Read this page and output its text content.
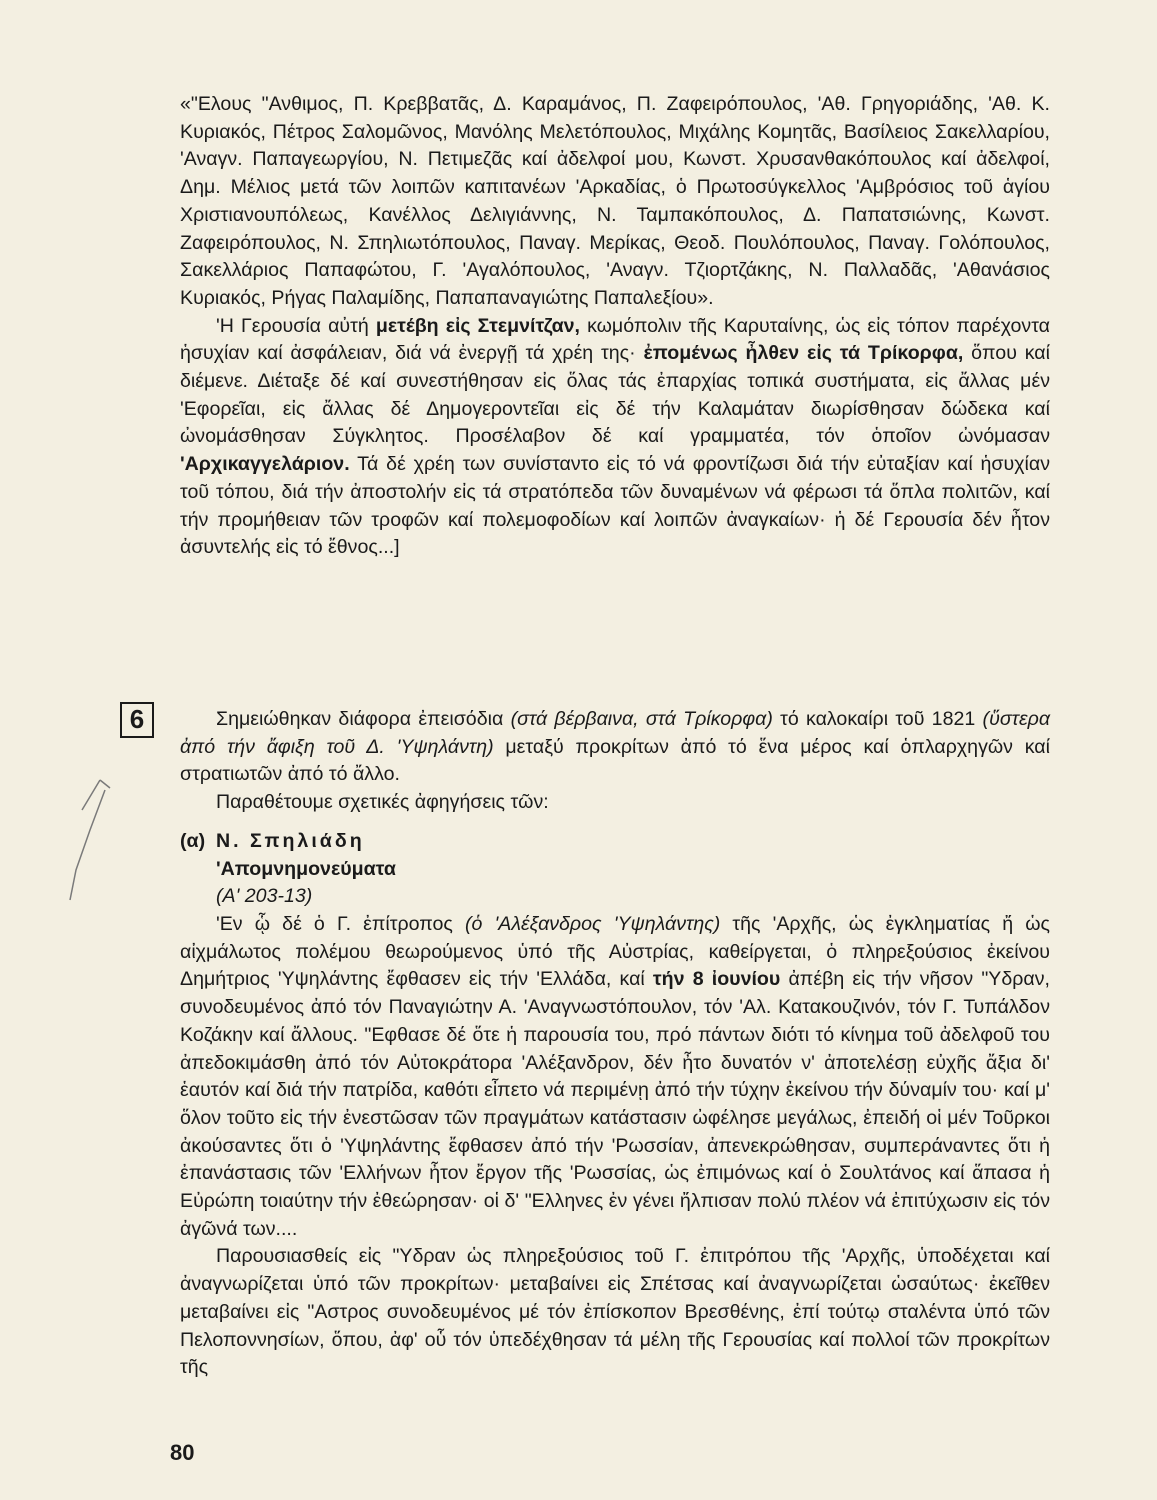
«"Ελους "Ανθιμος, Π. Κρεββατᾶς, Δ. Καραμάνος, Π. Ζαφειρόπουλος, 'Αθ. Γρηγοριάδης, 'Αθ. Κ. Κυριακός, Πέτρος Σαλομῶνος, Μανόλης Μελετόπουλος, Μιχάλης Κομητᾶς, Βασίλειος Σακελλαρίου, 'Αναγν. Παπαγεωργίου, Ν. Πετιμεζᾶς καί ἀδελφοί μου, Κωνστ. Χρυσανθακόπουλος καί ἀδελφοί, Δημ. Μέλιος μετά τῶν λοιπῶν καπιτανέων 'Αρκαδίας, ὁ Πρωτοσύγκελλος 'Αμβρόσιος τοῦ ἁγίου Χριστιανουπόλεως, Κανέλλος Δελιγιάννης, Ν. Ταμπακόπουλος, Δ. Παπατσιώνης, Κωνστ. Ζαφειρόπουλος, Ν. Σπηλιωτόπουλος, Παναγ. Μερίκας, Θεοδ. Πουλόπουλος, Παναγ. Γολόπουλος, Σακελλάριος Παπαφώτου, Γ. 'Αγαλόπουλος, 'Αναγν. Τζιορτζάκης, Ν. Παλλαδᾶς, 'Αθανάσιος Κυριακός, Ρήγας Παλαμίδης, Παπαπαναγιώτης Παπαλεξίου».

'Η Γερουσία αὐτή μετέβη εἰς Στεμνίτζαν, κωμόπολιν τῆς Καρυταίνης, ὡς εἰς τόπον παρέχοντα ἡσυχίαν καί ἀσφάλειαν, διά νά ἐνεργῇ τά χρέη της· ἐπομένως ἦλθεν εἰς τά Τρίκορφα, ὅπου καί διέμενε. Διέταξε δέ καί συνεστήθησαν εἰς ὅλας τάς ἐπαρχίας τοπικά συστήματα, εἰς ἄλλας μέν 'Εφορεῖαι, εἰς ἄλλας δέ Δημογεροντεῖαι εἰς δέ τήν Καλαμάταν διωρίσθησαν δώδεκα καί ὠνομάσθησαν Σύγκλητος. Προσέλαβον δέ καί γραμματέα, τόν ὁποῖον ὠνόμασαν 'Αρχικαγγελάριον. Τά δέ χρέη των συνίσταντο εἰς τό νά φροντίζωσι διά τήν εὐταξίαν καί ἡσυχίαν τοῦ τόπου, διά τήν ἀποστολήν εἰς τά στρατόπεδα τῶν δυναμένων νά φέρωσι τά ὅπλα πολιτῶν, καί τήν προμήθειαν τῶν τροφῶν καί πολεμοφοδίων καί λοιπῶν ἀναγκαίων· ἡ δέ Γερουσία δέν ἦτον ἀσυντελής εἰς τό ἔθνος...]

6	Σημειώθηκαν διάφορα ἐπεισόδια (στά βέρβαινα, στά Τρίκορφα) τό καλοκαίρι τοῦ 1821 (ὕστερα ἀπό τήν ἄφιξη τοῦ Δ. 'Υψηλάντη) μεταξύ προκρίτων ἀπό τό ἕνα μέρος καί ὁπλαρχηγῶν καί στρατιωτῶν ἀπό τό ἄλλο.

Παραθέτουμε σχετικές ἀφηγήσεις τῶν:

(α) Ν. Σπηλιάδη
'Απομνημονεύματα
(Α' 203-13)

'Εν ᾧ δέ ὁ Γ. ἐπίτροπος (ὁ 'Αλέξανδρος 'Υψηλάντης) τῆς 'Αρχῆς, ὡς ἐγκληματίας ἤ ὡς αἰχμάλωτος πολέμου θεωρούμενος ὑπό τῆς Αὐστρίας, καθείργεται, ὁ πληρεξούσιος ἐκείνου Δημήτριος 'Υψηλάντης ἔφθασεν εἰς τήν 'Ελλάδα, καί τήν 8 ἰουνίου ἀπέβη εἰς τήν νῆσον "Υδραν, συνοδευμένος ἀπό τόν Παναγιώτην Α. 'Αναγνωστόπουλον, τόν 'Αλ. Κατακουζινόν, τόν Γ. Τυπάλδον Κοζάκην καί ἄλλους. "Εφθασε δέ ὅτε ἡ παρουσία του, πρό πάντων διότι τό κίνημα τοῦ ἀδελφοῦ του ἀπεδοκιμάσθη ἀπό τόν Αὐτοκράτορα 'Αλέξανδρον, δέν ἦτο δυνατόν ν' ἀποτελέσῃ εὐχῆς ἄξια δι' ἑαυτόν καί διά τήν πατρίδα, καθότι εἶπετο νά περιμένῃ ἀπό τήν τύχην ἐκείνου τήν δύναμίν του· καί μ' ὅλον τοῦτο εἰς τήν ἐνεστῶσαν τῶν πραγμάτων κατάστασιν ὠφέλησε μεγάλως, ἐπειδή οἱ μέν Τοῦρκοι ἀκούσαντες ὅτι ὁ 'Υψηλάντης ἔφθασεν ἀπό τήν 'Ρωσσίαν, ἀπενεκρώθησαν, συμπεράναντες ὅτι ἡ ἐπανάστασις τῶν 'Ελλήνων ἦτον ἔργον τῆς 'Ρωσσίας, ὡς ἐπιμόνως καί ὁ Σουλτάνος καί ἅπασα ἡ Εὐρώπη τοιαύτην τήν ἐθεώρησαν· οἱ δ' "Ελληνες ἐν γένει ἤλπισαν πολύ πλέον νά ἐπιτύχωσιν εἰς τόν ἀγῶνά των....

Παρουσιασθείς εἰς "Υδραν ὡς πληρεξούσιος τοῦ Γ. ἐπιτρόπου τῆς 'Αρχῆς, ὑποδέχεται καί ἀναγνωρίζεται ὑπό τῶν προκρίτων· μεταβαίνει εἰς Σπέτσας καί ἀναγνωρίζεται ὡσαύτως· ἐκεῖθεν μεταβαίνει εἰς "Αστρος συνοδευμένος μέ τόν ἐπίσκοπον Βρεσθένης, ἐπί τούτῳ σταλέντα ὑπό τῶν Πελοποννησίων, ὅπου, ἀφ' οὗ τόν ὑπεδέχθησαν τά μέλη τῆς Γερουσίας καί πολλοί τῶν προκρίτων τῆς

80
